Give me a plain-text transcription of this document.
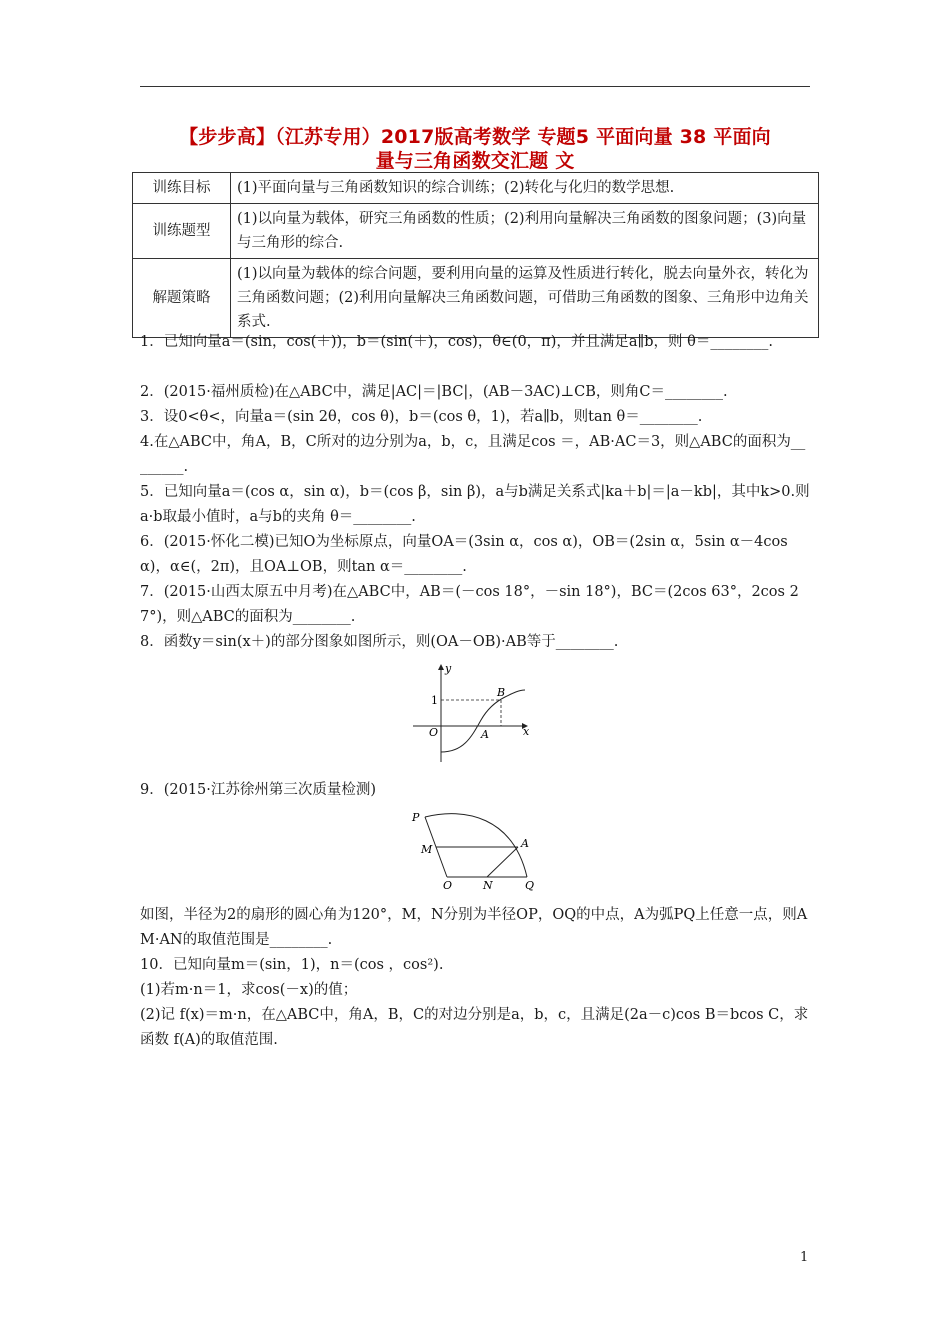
【步步高】（江苏专用）2017版高考数学 专题5 平面向量 38 平面向
量与三角函数交汇题 文
训练目标	(1)平面向量与三角函数知识的综合训练；(2)转化与化归的数学思想.
训练题型	(1)以向量为载体，研究三角函数的性质；(2)利用向量解决三角函数的图象问题；(3)向量与三角形的综合.
解题策略	(1)以向量为载体的综合问题，要利用向量的运算及性质进行转化，脱去向量外衣，转化为三角函数问题；(2)利用向量解决三角函数问题，可借助三角函数的图象、三角形中边角关系式.
1．已知向量a＝(sin，cos(＋))，b＝(sin(＋)，cos)，θ∈(0，π)，并且满足a∥b，则 θ＝________.
2．(2015·福州质检)在△ABC中，满足|AC|＝|BC|，(AB－3AC)⊥CB，则角C＝________.
3．设0<θ<，向量a＝(sin 2θ，cos θ)，b＝(cos θ，1)，若a∥b，则tan θ＝________.
4.在△ABC中，角A，B，C所对的边分别为a，b，c，且满足cos ＝，AB·AC＝3，则△ABC的面积为________.
5．已知向量a＝(cos α，sin α)，b＝(cos β，sin β)，a与b满足关系式|ka＋b|＝|a－kb|，其中k>0.则a·b取最小值时，a与b的夹角 θ＝________.
6．(2015·怀化二模)已知O为坐标原点，向量OA＝(3sin α，cos α)，OB＝(2sin α，5sin α－4cos α)，α∈(，2π)，且OA⊥OB，则tan α＝________.
7．(2015·山西太原五中月考)在△ABC中，AB＝(－cos 18°，－sin 18°)，BC＝(2cos 63°，2cos 27°)，则△ABC的面积为________.
8．函数y＝sin(x＋)的部分图象如图所示，则(OA－OB)·AB等于________.
y
x
O
1
A
B
9．(2015·江苏徐州第三次质量检测)
P
M	A
O	N	Q
如图，半径为2的扇形的圆心角为120°，M，N分别为半径OP，OQ的中点，A为弧PQ上任意一点，则AM·AN的取值范围是________.
10．已知向量m＝(sin，1)，n＝(cos ，cos²).
(1)若m·n＝1，求cos(－x)的值；
(2)记 f(x)＝m·n，在△ABC中，角A，B，C的对边分别是a，b，c，且满足(2a－c)cos B＝bcos C，求函数 f(A)的取值范围.
1
